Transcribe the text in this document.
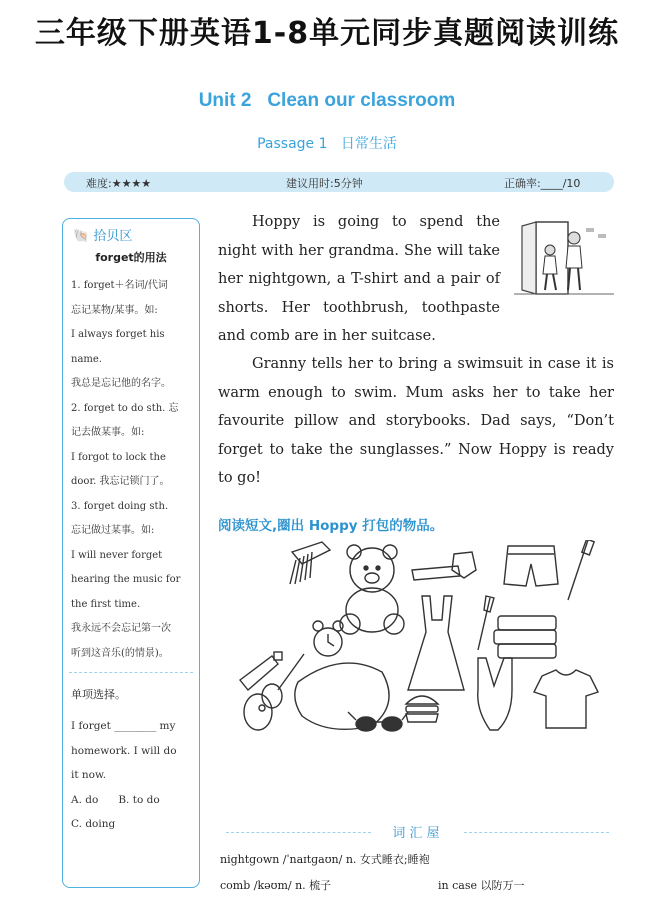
三年级下册英语1-8单元同步真题阅读训练
Unit 2   Clean our classroom
Passage 1   日常生活
难度:★★★★	建议用时:5分钟	正确率:____/10
🐚 拾贝区
forget的用法
1. forget＋名词/代词
忘记某物/某事。如:
I always forget his
name.
我总是忘记他的名字。
2. forget to do sth. 忘
记去做某事。如:
I forgot to lock the
door. 我忘记锁门了。
3. forget doing sth.
忘记做过某事。如:
I will never forget
hearing the music for
the first time.
我永远不会忘记第一次
听到这音乐(的情景)。
单项选择。
I forget ________ my
homework. I will do
it now.
A. do      B. to do
C. doing

Hoppy is going to spend the night with her grandma. She will take her nightgown, a T-shirt and a pair of shorts. Her toothbrush, toothpaste and comb are in her suitcase.

Granny tells her to bring a swimsuit in case it is warm enough to swim. Mum asks her to take her favourite pillow and storybooks. Dad says, “Don’t forget to take the sunglasses.” Now Hoppy is ready to go!

阅读短文,圈出 Hoppy 打包的物品。
词 汇 屋
nightgown /ˈnaɪtɡaʊn/ n. 女式睡衣;睡袍
comb /kəʊm/ n. 梳子	in case 以防万一
